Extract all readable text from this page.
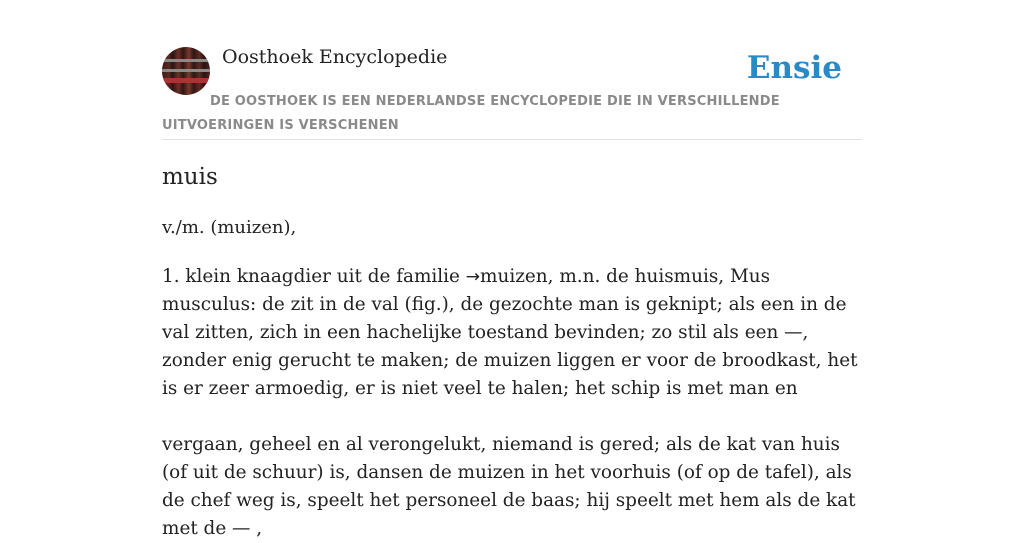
Oosthoek Encyclopedie	Ensie
DE OOSTHOEK IS EEN NEDERLANDSE ENCYCLOPEDIE DIE IN VERSCHILLENDE UITVOERINGEN IS VERSCHENEN
muis
v./m. (muizen),

1. klein knaagdier uit de familie →muizen, m.n. de huismuis, Mus musculus: de zit in de val (fig.), de gezochte man is geknipt; als een in de val zitten, zich in een hachelijke toestand bevinden; zo stil als een —, zonder enig gerucht te maken; de muizen liggen er voor de broodkast, het is er zeer armoedig, er is niet veel te halen; het schip is met man en

vergaan, geheel en al verongelukt, niemand is gered; als de kat van huis (of uit de schuur) is, dansen de muizen in het voorhuis (of op de tafel), als de chef weg is, speelt het personeel de baas; hij speelt met hem als de kat met de — ,
